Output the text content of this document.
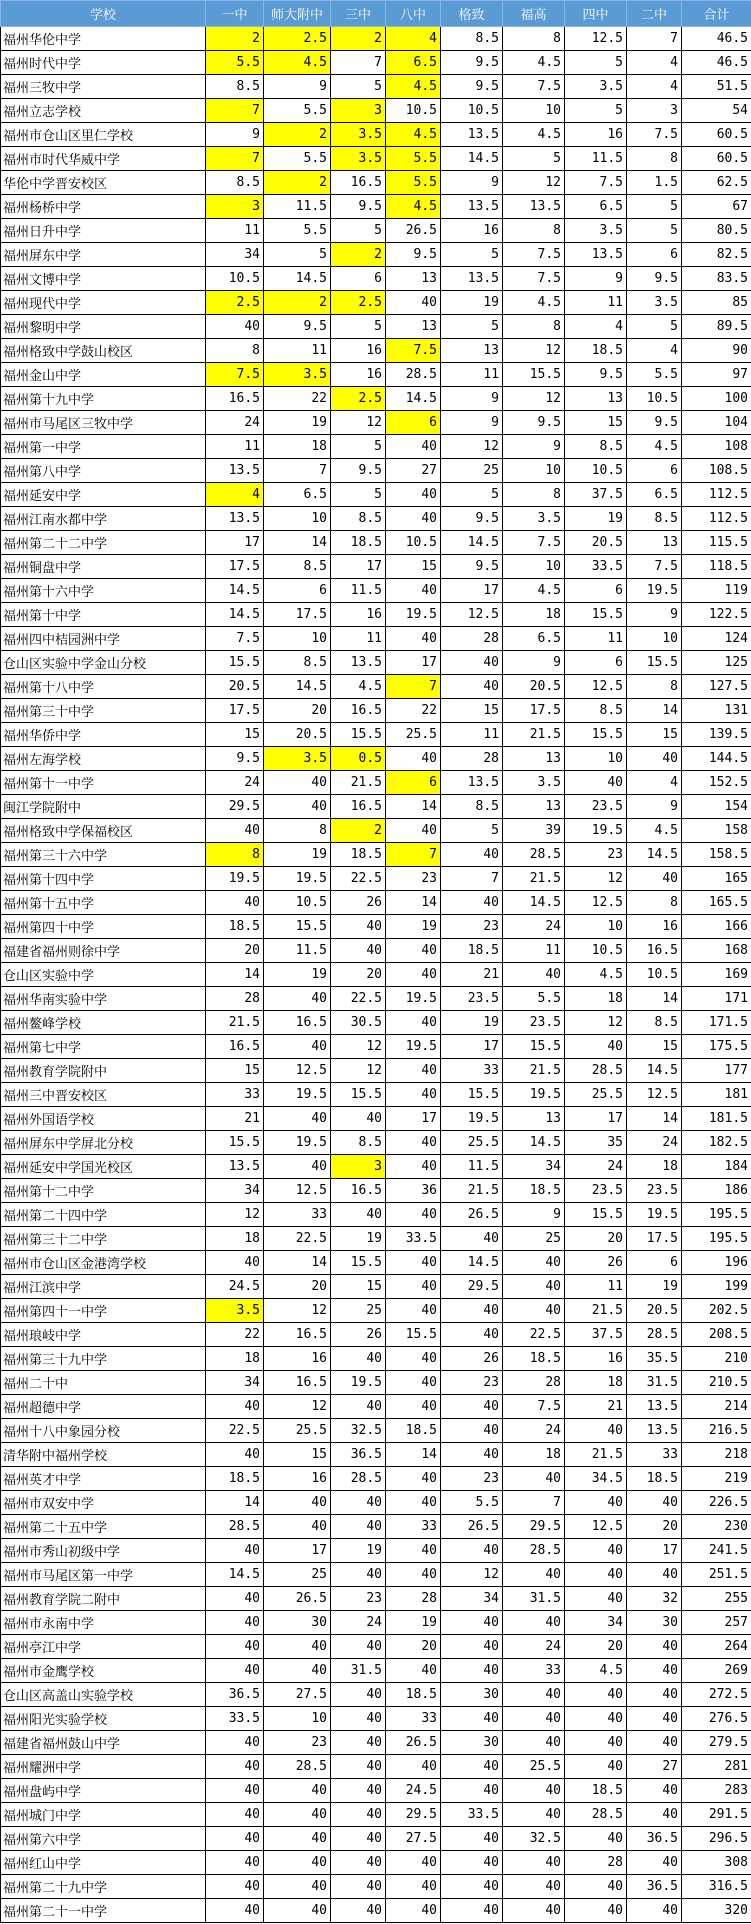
学校	一中	师大附中	三中	八中	格致	福高	四中	二中	合计
福州华伦中学	2	2.5	2	4	8.5	8	12.5	7	46.5
福州时代中学	5.5	4.5	7	6.5	9.5	4.5	5	4	46.5
福州三牧中学	8.5	9	5	4.5	9.5	7.5	3.5	4	51.5
福州立志学校	7	5.5	3	10.5	10.5	10	5	3	54
福州市仓山区里仁学校	9	2	3.5	4.5	13.5	4.5	16	7.5	60.5
福州市时代华威中学	7	5.5	3.5	5.5	14.5	5	11.5	8	60.5
华伦中学晋安校区	8.5	2	16.5	5.5	9	12	7.5	1.5	62.5
福州杨桥中学	3	11.5	9.5	4.5	13.5	13.5	6.5	5	67
福州日升中学	11	5.5	5	26.5	16	8	3.5	5	80.5
福州屏东中学	34	5	2	9.5	5	7.5	13.5	6	82.5
福州文博中学	10.5	14.5	6	13	13.5	7.5	9	9.5	83.5
福州现代中学	2.5	2	2.5	40	19	4.5	11	3.5	85
福州黎明中学	40	9.5	5	13	5	8	4	5	89.5
福州格致中学鼓山校区	8	11	16	7.5	13	12	18.5	4	90
福州金山中学	7.5	3.5	16	28.5	11	15.5	9.5	5.5	97
福州第十九中学	16.5	22	2.5	14.5	9	12	13	10.5	100
福州市马尾区三牧中学	24	19	12	6	9	9.5	15	9.5	104
福州第一中学	11	18	5	40	12	9	8.5	4.5	108
福州第八中学	13.5	7	9.5	27	25	10	10.5	6	108.5
福州延安中学	4	6.5	5	40	5	8	37.5	6.5	112.5
福州江南水都中学	13.5	10	8.5	40	9.5	3.5	19	8.5	112.5
福州第二十二中学	17	14	18.5	10.5	14.5	7.5	20.5	13	115.5
福州铜盘中学	17.5	8.5	17	15	9.5	10	33.5	7.5	118.5
福州第十六中学	14.5	6	11.5	40	17	4.5	6	19.5	119
福州第十中学	14.5	17.5	16	19.5	12.5	18	15.5	9	122.5
福州四中桔园洲中学	7.5	10	11	40	28	6.5	11	10	124
仓山区实验中学金山分校	15.5	8.5	13.5	17	40	9	6	15.5	125
福州第十八中学	20.5	14.5	4.5	7	40	20.5	12.5	8	127.5
福州第三十中学	17.5	20	16.5	22	15	17.5	8.5	14	131
福州华侨中学	15	20.5	15.5	25.5	11	21.5	15.5	15	139.5
福州左海学校	9.5	3.5	0.5	40	28	13	10	40	144.5
福州第十一中学	24	40	21.5	6	13.5	3.5	40	4	152.5
闽江学院附中	29.5	40	16.5	14	8.5	13	23.5	9	154
福州格致中学保福校区	40	8	2	40	5	39	19.5	4.5	158
福州第三十六中学	8	19	18.5	7	40	28.5	23	14.5	158.5
福州第十四中学	19.5	19.5	22.5	23	7	21.5	12	40	165
福州第十五中学	40	10.5	26	14	40	14.5	12.5	8	165.5
福州第四十中学	18.5	15.5	40	19	23	24	10	16	166
福建省福州则徐中学	20	11.5	40	40	18.5	11	10.5	16.5	168
仓山区实验中学	14	19	20	40	21	40	4.5	10.5	169
福州华南实验中学	28	40	22.5	19.5	23.5	5.5	18	14	171
福州鳌峰学校	21.5	16.5	30.5	40	19	23.5	12	8.5	171.5
福州第七中学	16.5	40	12	19.5	17	15.5	40	15	175.5
福州教育学院附中	15	12.5	12	40	33	21.5	28.5	14.5	177
福州三中晋安校区	33	19.5	15.5	40	15.5	19.5	25.5	12.5	181
福州外国语学校	21	40	40	17	19.5	13	17	14	181.5
福州屏东中学屏北分校	15.5	19.5	8.5	40	25.5	14.5	35	24	182.5
福州延安中学国光校区	13.5	40	3	40	11.5	34	24	18	184
福州第十二中学	34	12.5	16.5	36	21.5	18.5	23.5	23.5	186
福州第二十四中学	12	33	40	40	26.5	9	15.5	19.5	195.5
福州第三十二中学	18	22.5	19	33.5	40	25	20	17.5	195.5
福州市仓山区金港湾学校	40	14	15.5	40	14.5	40	26	6	196
福州江滨中学	24.5	20	15	40	29.5	40	11	19	199
福州第四十一中学	3.5	12	25	40	40	40	21.5	20.5	202.5
福州琅岐中学	22	16.5	26	15.5	40	22.5	37.5	28.5	208.5
福州第三十九中学	18	16	40	40	26	18.5	16	35.5	210
福州二十中	34	16.5	19.5	40	23	28	18	31.5	210.5
福州超德中学	40	12	40	40	40	7.5	21	13.5	214
福州十八中象园分校	22.5	25.5	32.5	18.5	40	24	40	13.5	216.5
清华附中福州学校	40	15	36.5	14	40	18	21.5	33	218
福州英才中学	18.5	16	28.5	40	23	40	34.5	18.5	219
福州市双安中学	14	40	40	40	5.5	7	40	40	226.5
福州第二十五中学	28.5	40	40	33	26.5	29.5	12.5	20	230
福州市秀山初级中学	40	17	19	40	40	28.5	40	17	241.5
福州市马尾区第一中学	14.5	25	40	40	12	40	40	40	251.5
福州教育学院二附中	40	26.5	23	28	34	31.5	40	32	255
福州市永南中学	40	30	24	19	40	40	34	30	257
福州亭江中学	40	40	40	20	40	24	20	40	264
福州市金鹰学校	40	40	31.5	40	40	33	4.5	40	269
仓山区高盖山实验学校	36.5	27.5	40	18.5	30	40	40	40	272.5
福州阳光实验学校	33.5	10	40	33	40	40	40	40	276.5
福建省福州鼓山中学	40	23	40	26.5	30	40	40	40	279.5
福州耀洲中学	40	28.5	40	40	40	25.5	40	27	281
福州盘屿中学	40	40	40	24.5	40	40	18.5	40	283
福州城门中学	40	40	40	29.5	33.5	40	28.5	40	291.5
福州第六中学	40	40	40	27.5	40	32.5	40	36.5	296.5
福州红山中学	40	40	40	40	40	40	28	40	308
福州第二十九中学	40	40	40	40	40	40	40	36.5	316.5
福州第二十一中学	40	40	40	40	40	40	40	40	320
